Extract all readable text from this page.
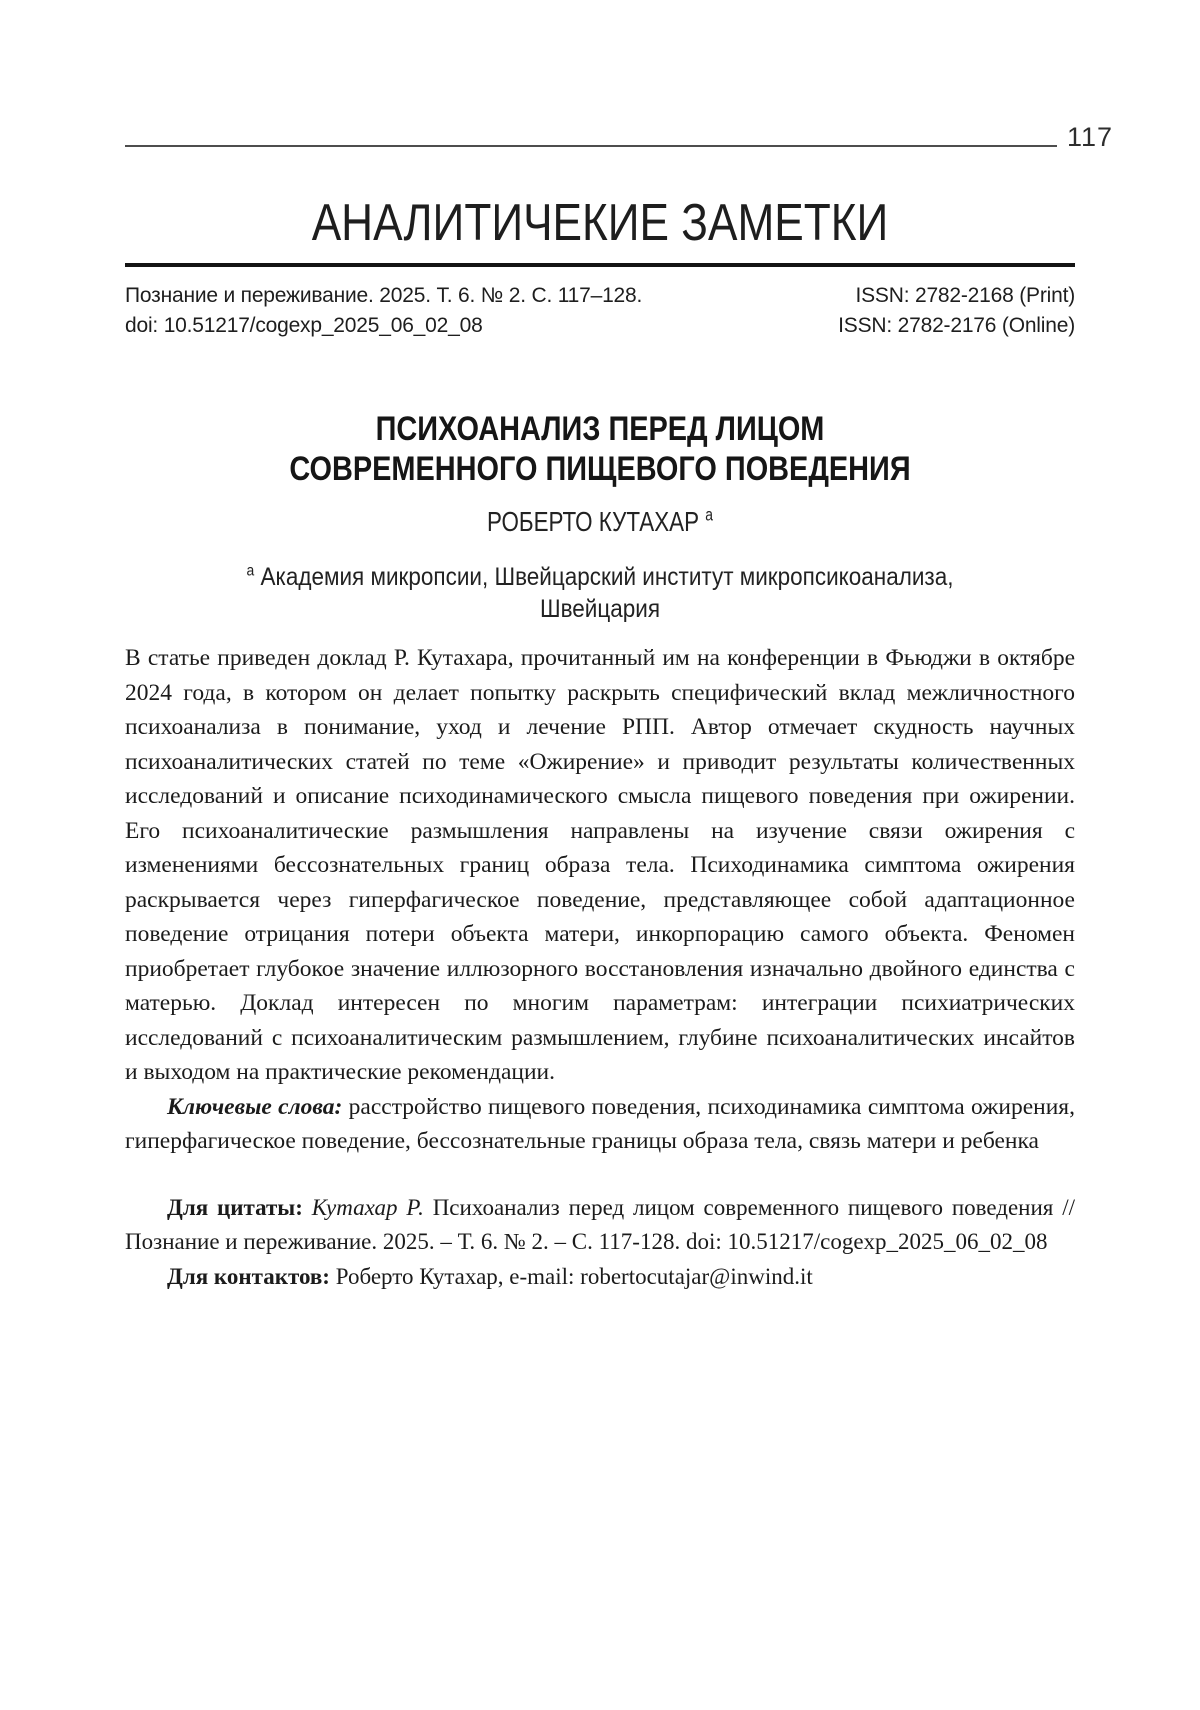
117
АНАЛИТИЧЕКИЕ ЗАМЕТКИ
Познание и переживание. 2025. Т. 6. № 2. С. 117–128.
doi: 10.51217/cogexp_2025_06_02_08
ISSN: 2782-2168 (Print)
ISSN: 2782-2176 (Online)
ПСИХОАНАЛИЗ ПЕРЕД ЛИЦОМ
СОВРЕМЕННОГО ПИЩЕВОГО ПОВЕДЕНИЯ
РОБЕРТО КУТАХАР $^a$
$^a$ Академия микропсии, Швейцарский институт микропсикоанализа,
Швейцария

В статье приведен доклад Р. Кутахара, прочитанный им на конференции в Фьюджи в октябре 2024 года, в котором он делает попытку раскрыть специфический вклад межличностного психоанализа в понимание, уход и лечение РПП. Автор отмечает скудность научных психоаналитических статей по теме «Ожирение» и приводит результаты количественных исследований и описание психодинамического смысла пищевого поведения при ожирении. Его психоаналитические размышления направлены на изучение связи ожирения с изменениями бессознательных границ образа тела. Психодинамика симптома ожирения раскрывается через гиперфагическое поведение, представляющее собой адаптационное поведение отрицания потери объекта матери, инкорпорацию самого объекта. Феномен приобретает глубокое значение иллюзорного восстановления изначально двойного единства с матерью. Доклад интересен по многим параметрам: интеграции психиатрических исследований с психоаналитическим размышлением, глубине психоаналитических инсайтов и выходом на практические рекомендации.

Ключевые слова: расстройство пищевого поведения, психодинамика симптома ожирения, гиперфагическое поведение, бессознательные границы образа тела, связь матери и ребенка

Для цитаты: Кутахар Р. Психоанализ перед лицом современного пищевого поведения // Познание и переживание. 2025. – Т. 6. № 2. – С. 117-128. doi: 10.51217/cogexp_2025_06_02_08

Для контактов: Роберто Кутахар, e-mail: robertocutajar@inwind.it
